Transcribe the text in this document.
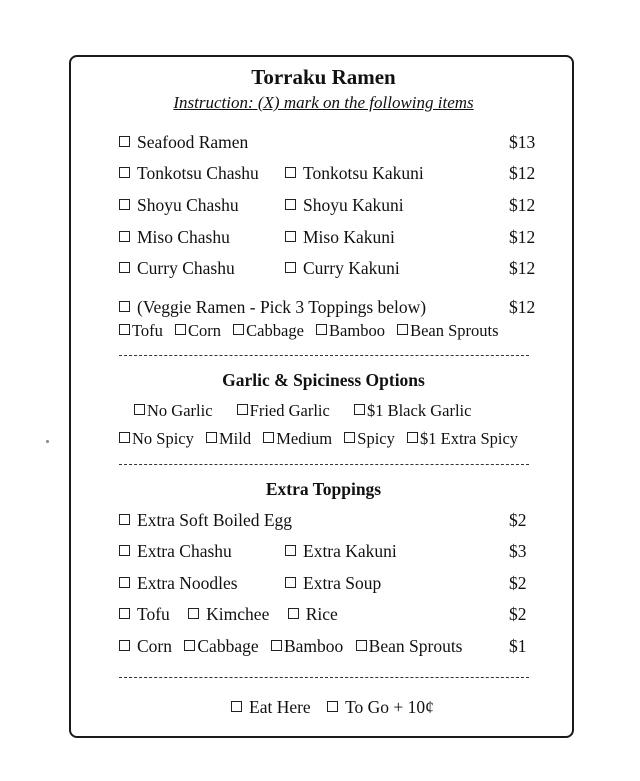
Torraku Ramen
Instruction: (X) mark on the following items
Seafood Ramen	$13
Tonkotsu Chashu	Tonkotsu Kakuni	$12
Shoyu Chashu	Shoyu Kakuni	$12
Miso Chashu	Miso Kakuni	$12
Curry Chashu	Curry Kakuni	$12
(Veggie Ramen - Pick 3 Toppings below)	$12
Tofu Corn Cabbage Bamboo Bean Sprouts
Garlic & Spiciness Options
No Garlic Fried Garlic $1 Black Garlic
No Spicy Mild Medium Spicy $1 Extra Spicy
Extra Toppings
Extra Soft Boiled Egg	$2
Extra Chashu	Extra Kakuni	$3
Extra Noodles	Extra Soup	$2
Tofu Kimchee Rice	$2
Corn Cabbage Bamboo Bean Sprouts	$1
Eat Here To Go + 10¢
